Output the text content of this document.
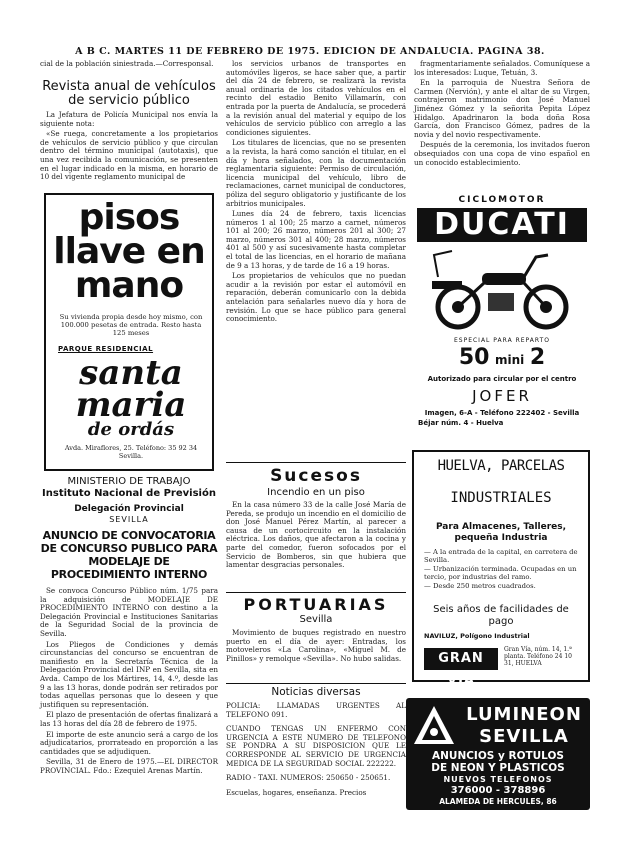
A B C. MARTES 11 DE FEBRERO DE 1975. EDICION DE ANDALUCIA. PAGINA 38.
cial de la población siniestrada.—Corresponsal.
Revista anual de vehículos de servicio público

La Jefatura de Policía Municipal nos envía la siguiente nota:

«Se ruega, concretamente a los propietarios de vehículos de servicio público y que circulan dentro del término municipal (autotaxis), que una vez recibida la comunicación, se presenten en el lugar indicado en la misma, en horario de 10 del vigente reglamento municipal de

pisos llave en mano
Su vivienda propia desde hoy mismo, con 100.000 pesetas de entrada. Resto hasta 125 meses
PARQUE RESIDENCIAL
santa
maria
de ordás
Avda. Miraflores, 25. Teléfono: 35 92 34 Sevilla.
MINISTERIO DE TRABAJO
Instituto Nacional de Previsión
Delegación Provincial
SEVILLA
ANUNCIO DE CONVOCATORIA DE CONCURSO PUBLICO PARA MODELAJE DE PROCEDIMIENTO INTERNO

Se convoca Concurso Público núm. 1/75 para la adquisición de MODELAJE DE PROCEDIMIENTO INTERNO con destino a la Delegación Provincial e Instituciones Sanitarias de la Seguridad Social de la provincia de Sevilla.

Los Pliegos de Condiciones y demás circunstancias del concurso se encuentran de manifiesto en la Secretaría Técnica de la Delegación Provincial del INP en Sevilla, sita en Avda. Campo de los Mártires, 14, 4.º, desde las 9 a las 13 horas, donde podrán ser retirados por todas aquellas personas que lo deseen y que justifiquen su representación.

El plazo de presentación de ofertas finalizará a las 13 horas del día 28 de febrero de 1975.

El importe de este anuncio será a cargo de los adjudicatarios, prorrateado en proporción a las cantidades que se adjudiquen.

Sevilla, 31 de Enero de 1975.—EL DIRECTOR PROVINCIAL. Fdo.: Ezequiel Arenas Martín.

los servicios urbanos de transportes en automóviles ligeros, se hace saber que, a partir del día 24 de febrero, se realizará la revista anual ordinaria de los citados vehículos en el recinto del estadio Benito Villamarín, con entrada por la puerta de Andalucía, se procederá a la revisión anual del material y equipo de los vehículos de servicio público con arreglo a las condiciones siguientes.

Los titulares de licencias, que no se presenten a la revista, la hará como sanción el titular, en el día y hora señalados, con la documentación reglamentaria siguiente: Permiso de circulación, licencia municipal del vehículo, libro de reclamaciones, carnet municipal de conductores, póliza del seguro obligatorio y justificante de los arbitrios municipales.

Lunes día 24 de febrero, taxis licencias números 1 al 100; 25 marzo a carnet, números 101 al 200; 26 marzo, números 201 al 300; 27 marzo, números 301 al 400; 28 marzo, números 401 al 500 y así sucesivamente hasta completar el total de las licencias, en el horario de mañana de 9 a 13 horas, y de tarde de 16 a 19 horas.

Los propietarios de vehículos que no puedan acudir a la revisión por estar el automóvil en reparación, deberán comunicarlo con la debida antelación para señalarles nuevo día y hora de revisión. Lo que se hace público para general conocimiento.

Sucesos
Incendio en un piso

En la casa número 33 de la calle José María de Pereda, se produjo un incendio en el domicilio de don José Manuel Pérez Martín, al parecer a causa de un cortocircuito en la instalación eléctrica. Los daños, que afectaron a la cocina y parte del comedor, fueron sofocados por el Servicio de Bomberos, sin que hubiera que lamentar desgracias personales.

PORTUARIAS
Sevilla

Movimiento de buques registrado en nuestro puerto en el día de ayer: Entradas, los motoveleros «La Carolina», «Miguel M. de Pinillos» y remolque «Sevilla». No hubo salidas.

Noticias diversas

POLICIA: LLAMADAS URGENTES AL TELEFONO 091.

CUANDO TENGAS UN ENFERMO CON URGENCIA A ESTE NUMERO DE TELEFONO SE PONDRA A SU DISPOSICION QUE LE CORRESPONDE AL SERVICIO DE URGENCIA MEDICA DE LA SEGURIDAD SOCIAL 222222.

RADIO - TAXI. NUMEROS: 250650 - 250651.

Escuelas, hogares, enseñanza. Precios

fragmentariamente señalados. Comuníquese a los interesados: Luque, Tetuán, 3.

En la parroquia de Nuestra Señora de Carmen (Nervión), y ante el altar de su Virgen, contrajeron matrimonio don José Manuel Jiménez Gómez y la señorita Pepita López Hidalgo. Apadrinaron la boda doña Rosa García, don Francisco Gómez, padres de la novia y del novio respectivamente.

Después de la ceremonia, los invitados fueron obsequiados con una copa de vino español en un conocido establecimiento.

CICLOMOTOR
DUCATI
ESPECIAL PARA REPARTO
50 mini 2
Autorizado para circular por el centro
JOFER
Imagen, 6-A - Teléfono 222402 - Sevilla
Béjar núm. 4 - Huelva
HUELVA, PARCELAS
INDUSTRIALES
Para Almacenes, Talleres, pequeña Industria
— A la entrada de la capital, en carretera de Sevilla.
— Urbanización terminada. Ocupadas en un tercio, por industrias del ramo.
— Desde 250 metros cuadrados.
Seis años de facilidades de pago
NAVILUZ, Polígono Industrial
GRAN VIA
Gran Vía, núm. 14, 1.ª planta. Teléfono 24 10 31, HUELVA
LUMINEON
SEVILLA
ANUNCIOS y ROTULOS
DE NEON Y PLASTICOS
NUEVOS TELEFONOS
376000 - 378896
ALAMEDA DE HERCULES, 86
